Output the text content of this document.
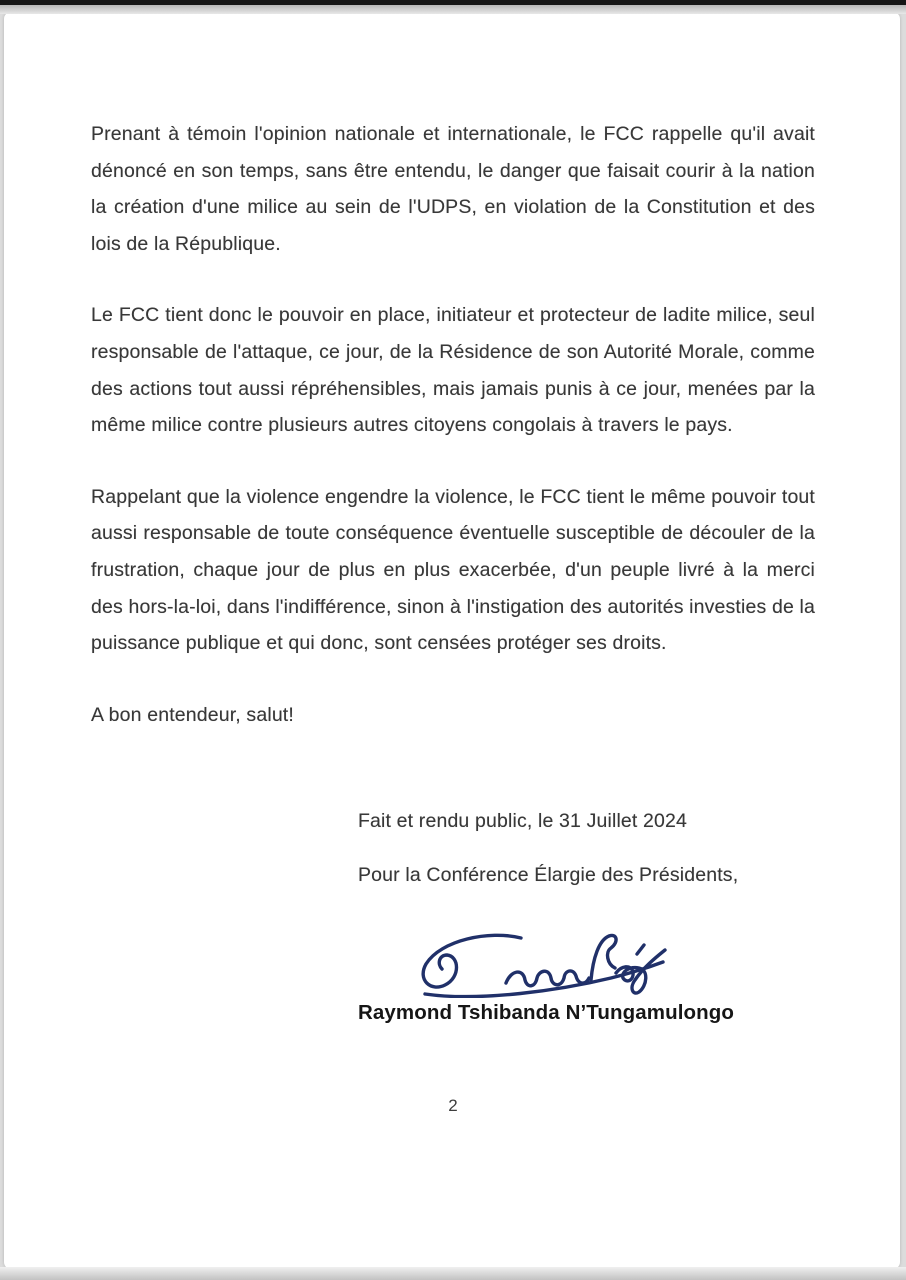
Prenant à témoin l'opinion nationale et internationale, le FCC rappelle qu'il avait dénoncé en son temps, sans être entendu, le danger que faisait courir à la nation la création d'une milice au sein de l'UDPS, en violation de la Constitution et des lois de la République.

Le FCC tient donc le pouvoir en place, initiateur et protecteur de ladite milice, seul responsable de l'attaque, ce jour, de la Résidence de son Autorité Morale, comme des actions tout aussi répréhensibles, mais jamais punis à ce jour, menées par la même milice contre plusieurs autres citoyens congolais à travers le pays.

Rappelant que la violence engendre la violence, le FCC tient le même pouvoir tout aussi responsable de toute conséquence éventuelle susceptible de découler de la frustration, chaque jour de plus en plus exacerbée, d'un peuple livré à la merci des hors-la-loi, dans l'indifférence, sinon à l'instigation des autorités investies de la puissance publique et qui donc, sont censées protéger ses droits.

A bon entendeur, salut!

Fait et rendu public, le 31 Juillet 2024

Pour la Conférence Élargie des Présidents,

Raymond Tshibanda N’Tungamulongo

2
